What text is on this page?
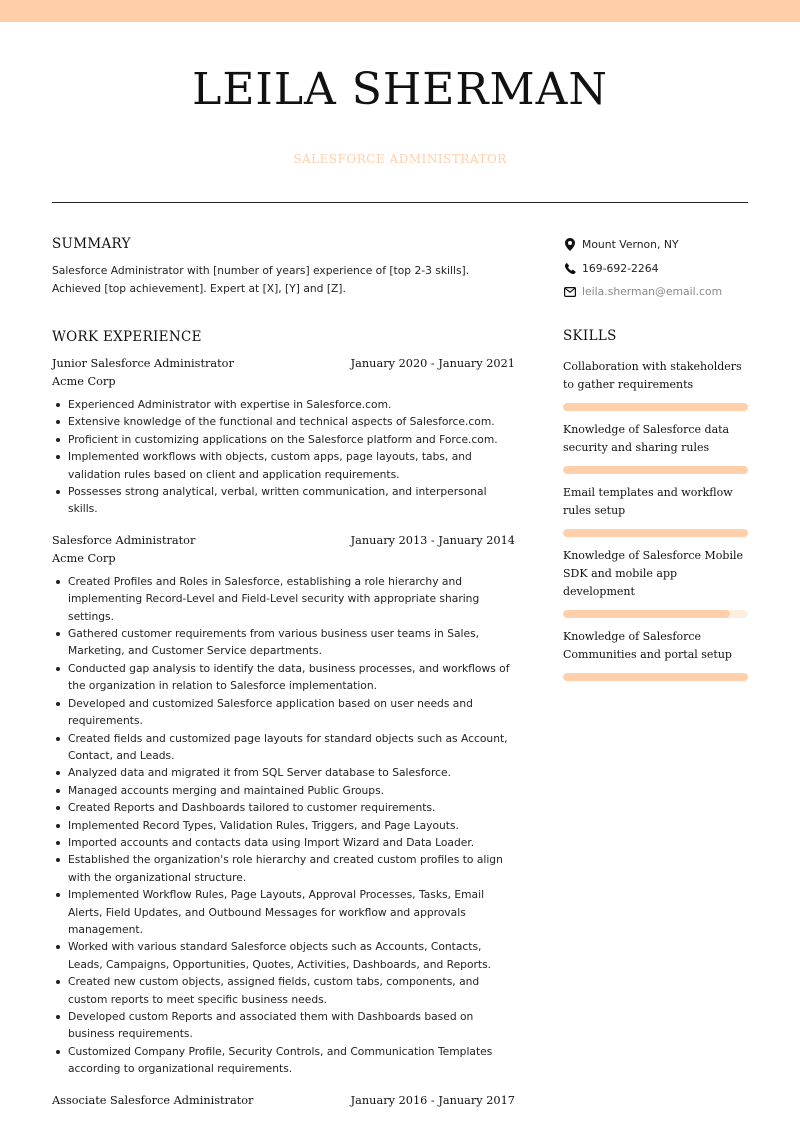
LEILA SHERMAN
SALESFORCE ADMINISTRATOR
SUMMARY
Salesforce Administrator with [number of years] experience of [top 2-3 skills]. Achieved [top achievement]. Expert at [X], [Y] and [Z].
WORK EXPERIENCE
Junior Salesforce Administrator	January 2020 - January 2021
Acme Corp
Experienced Administrator with expertise in Salesforce.com.
Extensive knowledge of the functional and technical aspects of Salesforce.com.
Proficient in customizing applications on the Salesforce platform and Force.com.
Implemented workflows with objects, custom apps, page layouts, tabs, and validation rules based on client and application requirements.
Possesses strong analytical, verbal, written communication, and interpersonal skills.
Salesforce Administrator	January 2013 - January 2014
Acme Corp
Created Profiles and Roles in Salesforce, establishing a role hierarchy and implementing Record-Level and Field-Level security with appropriate sharing settings.
Gathered customer requirements from various business user teams in Sales, Marketing, and Customer Service departments.
Conducted gap analysis to identify the data, business processes, and workflows of the organization in relation to Salesforce implementation.
Developed and customized Salesforce application based on user needs and requirements.
Created fields and customized page layouts for standard objects such as Account, Contact, and Leads.
Analyzed data and migrated it from SQL Server database to Salesforce.
Managed accounts merging and maintained Public Groups.
Created Reports and Dashboards tailored to customer requirements.
Implemented Record Types, Validation Rules, Triggers, and Page Layouts.
Imported accounts and contacts data using Import Wizard and Data Loader.
Established the organization's role hierarchy and created custom profiles to align with the organizational structure.
Implemented Workflow Rules, Page Layouts, Approval Processes, Tasks, Email Alerts, Field Updates, and Outbound Messages for workflow and approvals management.
Worked with various standard Salesforce objects such as Accounts, Contacts, Leads, Campaigns, Opportunities, Quotes, Activities, Dashboards, and Reports.
Created new custom objects, assigned fields, custom tabs, components, and custom reports to meet specific business needs.
Developed custom Reports and associated them with Dashboards based on business requirements.
Customized Company Profile, Security Controls, and Communication Templates according to organizational requirements.
Associate Salesforce Administrator	January 2016 - January 2017
Mount Vernon, NY
169-692-2264
leila.sherman@email.com
SKILLS
Collaboration with stakeholders to gather requirements
Knowledge of Salesforce data security and sharing rules
Email templates and workflow rules setup
Knowledge of Salesforce Mobile SDK and mobile app development
Knowledge of Salesforce Communities and portal setup
